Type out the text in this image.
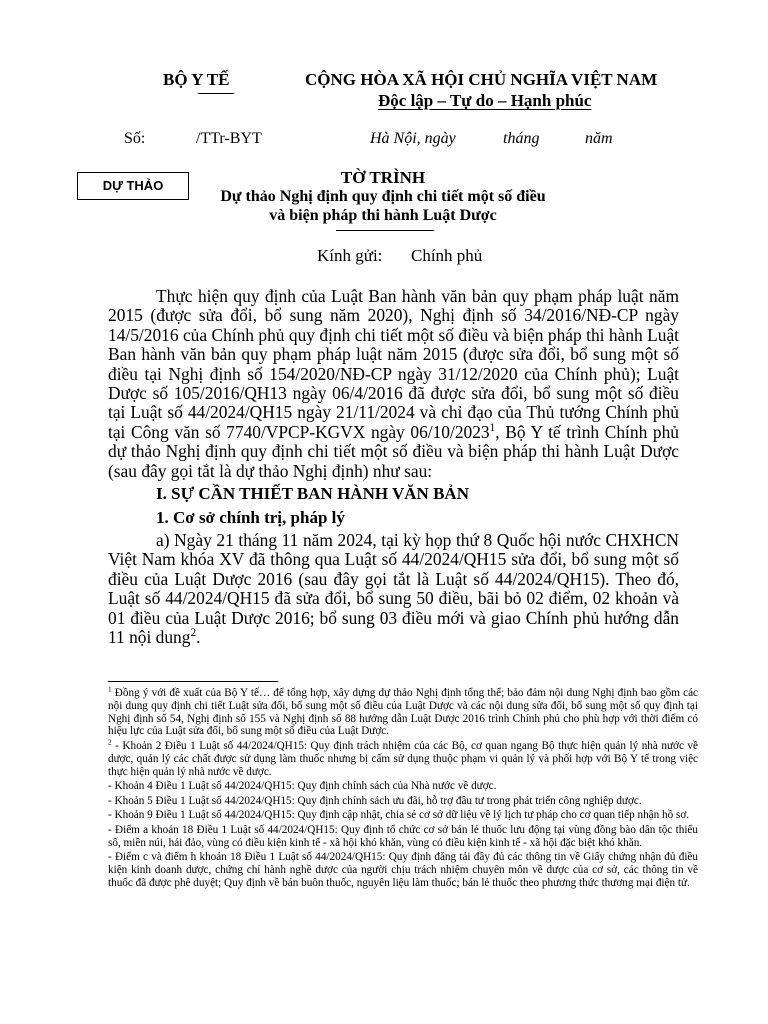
BỘ Y TẾ	CỘNG HÒA XÃ HỘI CHỦ NGHĨA VIỆT NAM
Độc lập – Tự do – Hạnh phúc
Số:	/TTr-BYT	Hà Nội, ngày	tháng	năm
DỰ THẢO	TỜ TRÌNH
Dự thảo Nghị định quy định chi tiết một số điều
và biện pháp thi hành Luật Dược
Kính gửi: Chính phủ
Thực hiện quy định của Luật Ban hành văn bản quy phạm pháp luật năm 2015 (được sửa đổi, bổ sung năm 2020), Nghị định số 34/2016/NĐ-CP ngày 14/5/2016 của Chính phủ quy định chi tiết một số điều và biện pháp thi hành Luật Ban hành văn bản quy phạm pháp luật năm 2015 (được sửa đổi, bổ sung một số điều tại Nghị định số 154/2020/NĐ-CP ngày 31/12/2020 của Chính phủ); Luật Dược số 105/2016/QH13 ngày 06/4/2016 đã được sửa đổi, bổ sung một số điều tại Luật số 44/2024/QH15 ngày 21/11/2024 và chỉ đạo của Thủ tướng Chính phủ tại Công văn số 7740/VPCP-KGVX ngày 06/10/2023$^1$, Bộ Y tế trình Chính phủ dự thảo Nghị định quy định chi tiết một số điều và biện pháp thi hành Luật Dược (sau đây gọi tắt là dự thảo Nghị định) như sau:
I. SỰ CẦN THIẾT BAN HÀNH VĂN BẢN
1. Cơ sở chính trị, pháp lý
a) Ngày 21 tháng 11 năm 2024, tại kỳ họp thứ 8 Quốc hội nước CHXHCN Việt Nam khóa XV đã thông qua Luật số 44/2024/QH15 sửa đổi, bổ sung một số điều của Luật Dược 2016 (sau đây gọi tắt là Luật số 44/2024/QH15). Theo đó, Luật số 44/2024/QH15 đã sửa đổi, bổ sung 50 điều, bãi bỏ 02 điểm, 02 khoản và 01 điều của Luật Dược 2016; bổ sung 03 điều mới và giao Chính phủ hướng dẫn 11 nội dung$^2$.

$^1$ Đồng ý với đề xuất của Bộ Y tế… để tổng hợp, xây dựng dự thảo Nghị định tổng thể; bảo đảm nội dung Nghị định bao gồm các nội dung quy định chi tiết Luật sửa đổi, bổ sung một số điều của Luật Dược và các nội dung sửa đổi, bổ sung một số quy định tại Nghị định số 54, Nghị định số 155 và Nghị định số 88 hướng dẫn Luật Dược 2016 trình Chính phủ cho phù hợp với thời điểm có hiệu lực của Luật sửa đổi, bổ sung một số điều của Luật Dược.

$^2$ - Khoản 2 Điều 1 Luật số 44/2024/QH15: Quy định trách nhiệm của các Bộ, cơ quan ngang Bộ thực hiện quản lý nhà nước về dược, quản lý các chất được sử dụng làm thuốc nhưng bị cấm sử dụng thuộc phạm vi quản lý và phối hợp với Bộ Y tế trong việc thực hiện quản lý nhà nước về dược.

- Khoản 4 Điều 1 Luật số 44/2024/QH15: Quy định chính sách của Nhà nước về dược.

- Khoản 5 Điều 1 Luật số 44/2024/QH15: Quy định chính sách ưu đãi, hỗ trợ đầu tư trong phát triển công nghiệp dược.

- Khoản 9 Điều 1 Luật số 44/2024/QH15: Quy định cập nhật, chia sẻ cơ sở dữ liệu về lý lịch tư pháp cho cơ quan tiếp nhận hồ sơ.

- Điểm a khoản 18 Điều 1 Luật số 44/2024/QH15: Quy định tổ chức cơ sở bán lẻ thuốc lưu động tại vùng đồng bào dân tộc thiểu số, miền núi, hải đảo, vùng có điều kiện kinh tế - xã hội khó khăn, vùng có điều kiện kinh tế - xã hội đặc biệt khó khăn.

- Điểm c và điểm h khoản 18 Điều 1 Luật số 44/2024/QH15: Quy định đăng tải đầy đủ các thông tin về Giấy chứng nhận đủ điều kiện kinh doanh dược, chứng chỉ hành nghề dược của người chịu trách nhiệm chuyên môn về dược của cơ sở, các thông tin về thuốc đã được phê duyệt; Quy định về bán buôn thuốc, nguyên liệu làm thuốc; bán lẻ thuốc theo phương thức thương mại điện tử.
